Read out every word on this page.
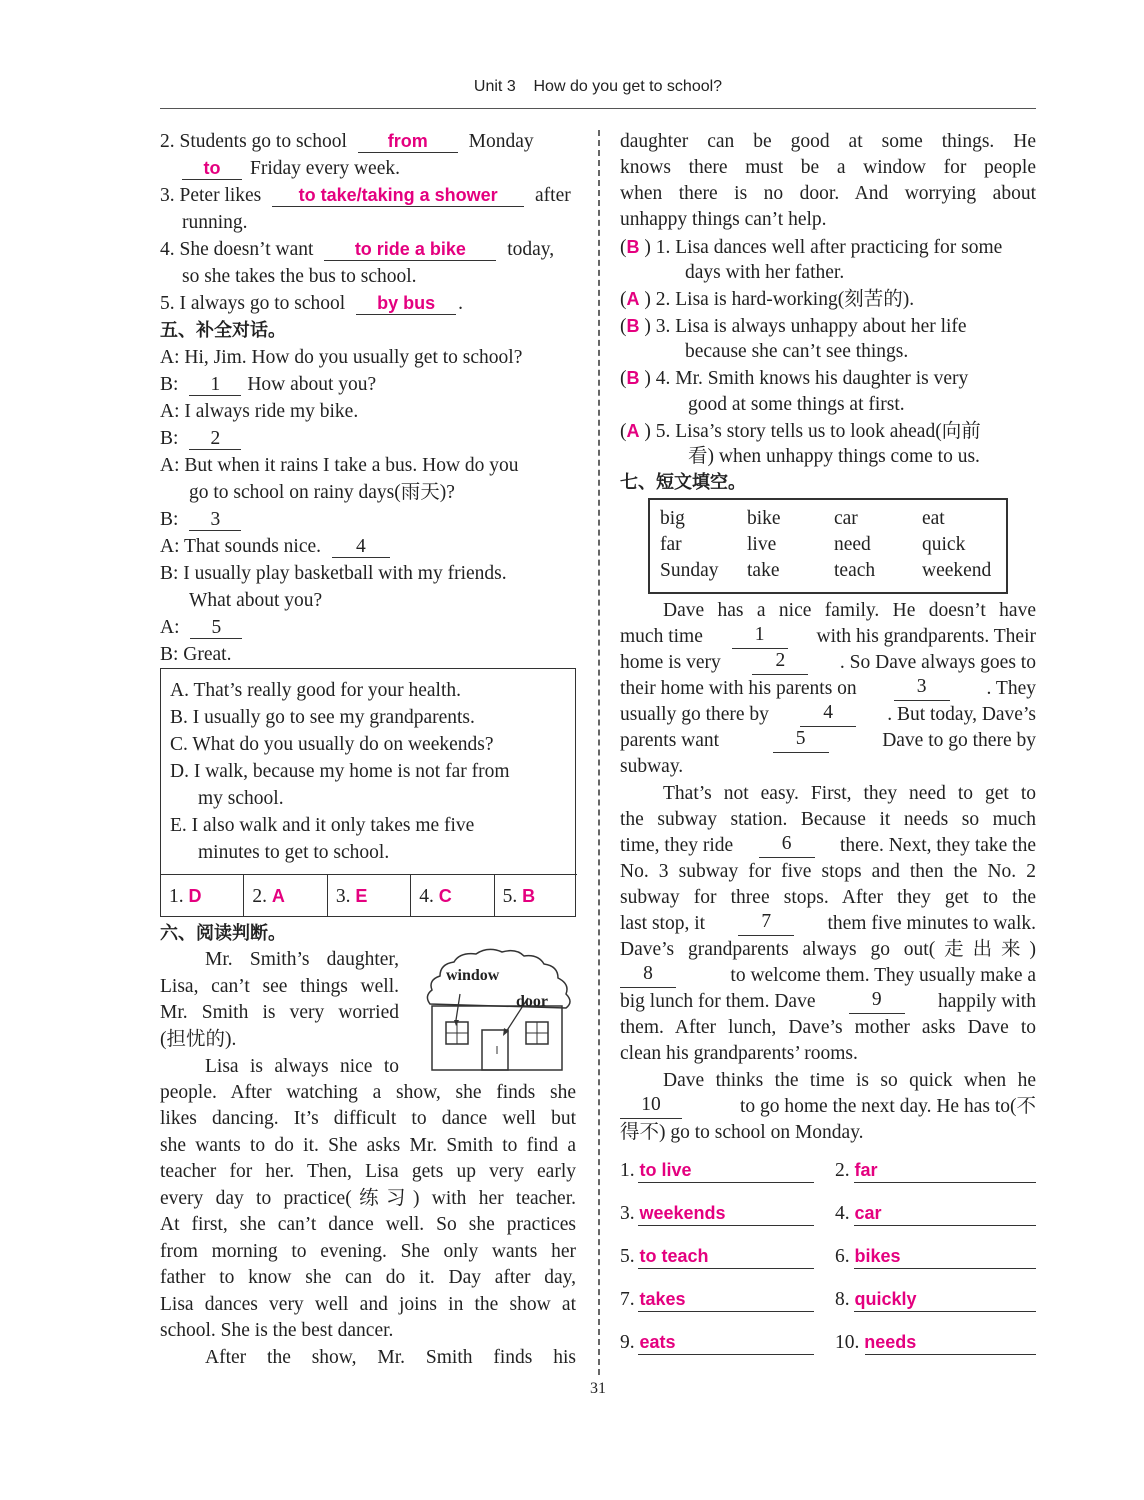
Unit 3 How do you get to school?
2. Students go to school from Monday
to Friday every week.
3. Peter likes to take/taking a shower after
running.
4. She doesn’t want to ride a bike today,
so she takes the bus to school.
5. I always go to school by bus .
五、补全对话。
A: Hi, Jim. How do you usually get to school?
B: 1 How about you?
A: I always ride my bike.
B: 2
A: But when it rains I take a bus. How do you
go to school on rainy days(雨天)?
B: 3
A: That sounds nice. 4
B: I usually play basketball with my friends.
What about you?
A: 5
B: Great.
A. That’s really good for your health.
B. I usually go to see my grandparents.
C. What do you usually do on weekends?
D. I walk, because my home is not far from
my school.
E. I also walk and it only takes me five
minutes to get to school.
1. D	2. A	3. E	4. C	5. B
六、阅读判断。
Mr. Smith’s daughter,
Lisa, can’t see things well.
Mr. Smith is very worried
(担忧的).
Lisa is always nice to
people. After watching a show, she finds she
likes dancing. It’s difficult to dance well but
she wants to do it. She asks Mr. Smith to find a
teacher for her. Then, Lisa gets up very early
every day to practice(练习) with her teacher.
At first, she can’t dance well. So she practices
from morning to evening. She only wants her
father to know she can do it. Day after day,
Lisa dances very well and joins in the show at
school. She is the best dancer.
After the show, Mr. Smith finds his
window
door
daughter can be good at some things. He
knows there must be a window for people
when there is no door. And worrying about
unhappy things can’t help.
(B ) 1. Lisa dances well after practicing for some
days with her father.
(A ) 2. Lisa is hard-working(刻苦的).
(B ) 3. Lisa is always unhappy about her life
because she can’t see things.
(B ) 4. Mr. Smith knows his daughter is very
good at some things at first.
(A ) 5. Lisa’s story tells us to look ahead(向前
看) when unhappy things come to us.
七、短文填空。
big	bike	car	eat
far	live	need	quick
Sunday take	teach weekend
Dave has a nice family. He doesn’t have
much time	1	with his grandparents. Their
home is very	2	. So Dave always goes to
their home with his parents on	3	. They
usually go there by	4	. But today, Dave’s
parents want	5	Dave to go there by
subway.
That’s not easy. First, they need to get to
the subway station. Because it needs so much
time, they ride	6	there. Next, they take the
No. 3 subway for five stops and then the No. 2
subway for three stops. After they get to the
last stop, it	7	them five minutes to walk.
Dave’s grandparents always go out(走出来)
8	to welcome them. They usually make a
big lunch for them. Dave	9	happily with
them. After lunch, Dave’s mother asks Dave to
clean his grandparents’ rooms.
Dave thinks the time is so quick when he
10	to go home the next day. He has to(不
得不) go to school on Monday.
1. to live	2. far
3. weekends	4. car
5. to teach	6. bikes
7. takes	8. quickly
9. eats	10. needs
31
